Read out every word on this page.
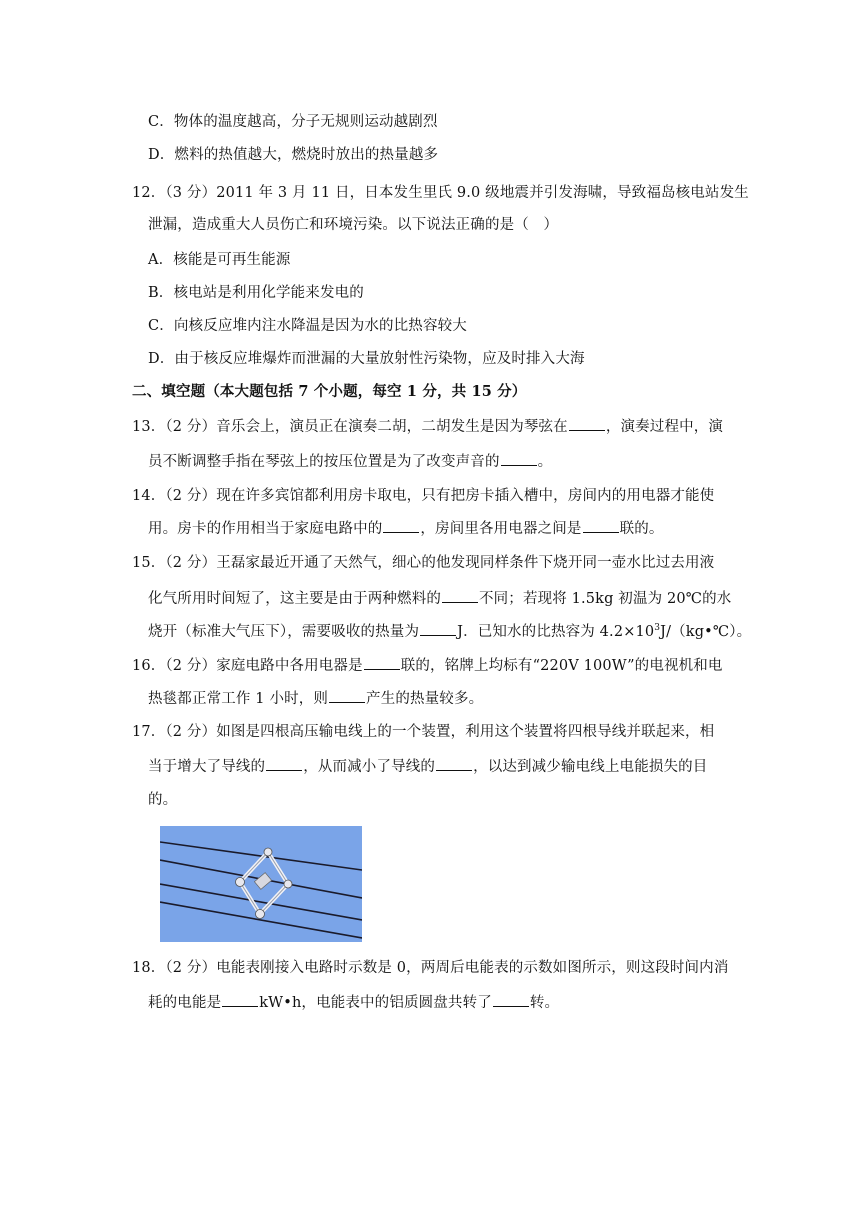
C．物体的温度越高，分子无规则运动越剧烈
D．燃料的热值越大，燃烧时放出的热量越多
12．（3 分）2011 年 3 月 11 日，日本发生里氏 9.0 级地震并引发海啸，导致福岛核电站发生
泄漏，造成重大人员伤亡和环境污染。以下说法正确的是（　）
A．核能是可再生能源
B．核电站是利用化学能来发电的
C．向核反应堆内注水降温是因为水的比热容较大
D．由于核反应堆爆炸而泄漏的大量放射性污染物，应及时排入大海
二、填空题（本大题包括 7 个小题，每空 1 分，共 15 分）
13．（2 分）音乐会上，演员正在演奏二胡，二胡发生是因为琴弦在	，演奏过程中，演
员不断调整手指在琴弦上的按压位置是为了改变声音的	。
14．（2 分）现在许多宾馆都利用房卡取电，只有把房卡插入槽中，房间内的用电器才能使
用。房卡的作用相当于家庭电路中的	，房间里各用电器之间是	联的。
15．（2 分）王磊家最近开通了天然气，细心的他发现同样条件下烧开同一壶水比过去用液
化气所用时间短了，这主要是由于两种燃料的	不同；若现将 1.5kg 初温为 20℃的水
烧开（标准大气压下），需要吸收的热量为	J．已知水的比热容为 $4.2\times 10^3J/(kg•℃)$。
16．（2 分）家庭电路中各用电器是	联的，铭牌上均标有“220V 100W”的电视机和电
热毯都正常工作 1 小时，则	产生的热量较多。
17．（2 分）如图是四根高压输电线上的一个装置，利用这个装置将四根导线并联起来，相
当于增大了导线的	，从而减小了导线的	，以达到减少输电线上电能损失的目
的。
18．（2 分）电能表刚接入电路时示数是 0，两周后电能表的示数如图所示，则这段时间内消
耗的电能是	kW•h，电能表中的铝质圆盘共转了	转。
